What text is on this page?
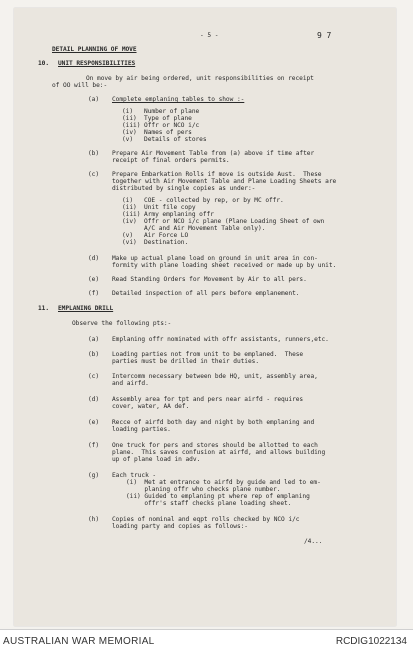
- 5 -	9 7
DETAIL PLANNING OF MOVE
10. UNIT RESPONSIBILITIES
On move by air being ordered, unit responsibilities on receipt
of OO will be:-
(a) Complete emplaning tables to show :-
(i)   Number of plane
(ii)  Type of plane
(iii) Offr or NCO i/c
(iv)  Names of pers
(v)   Details of stores
(b) Prepare Air Movement Table from (a) above if time after
receipt of final orders permits.
(c) Prepare Embarkation Rolls if move is outside Aust.  These
together with Air Movement Table and Plane Loading Sheets are
distributed by single copies as under:-
(i)   COE - collected by rep, or by MC offr.
(ii)  Unit file copy
(iii) Army emplaning offr
(iv)  Offr or NCO i/c plane (Plane Loading Sheet of own
A/C and Air Movement Table only).
(v)   Air Force LO
(vi)  Destination.
(d) Make up actual plane load on ground in unit area in con-
formity with plane loading sheet received or made up by unit.
(e) Read Standing Orders for Movement by Air to all pers.
(f) Detailed inspection of all pers before emplanement.
11. EMPLANING DRILL
Observe the following pts:-
(a) Emplaning offr nominated with offr assistants, runners,etc.
(b) Loading parties not from unit to be emplaned.  These
parties must be drilled in their duties.
(c) Intercomm necessary between bde HQ, unit, assembly area,
and airfd.
(d) Assembly area for tpt and pers near airfd - requires
cover, water, AA def.
(e) Recce of airfd both day and night by both emplaning and
loading parties.
(f) One truck for pers and stores should be allotted to each
plane.  This saves confusion at airfd, and allows building
up of plane load in adv.
(g) Each truck -
(i)  Met at entrance to airfd by guide and led to em-
planing offr who checks plane number.
(ii) Guided to emplaning pt where rep of emplaning
offr's staff checks plane loading sheet.
(h) Copies of nominal and eqpt rolls checked by NCO i/c
loading party and copies as follows:-
/4...
AUSTRALIAN WAR MEMORIAL	RCDIG1022134
